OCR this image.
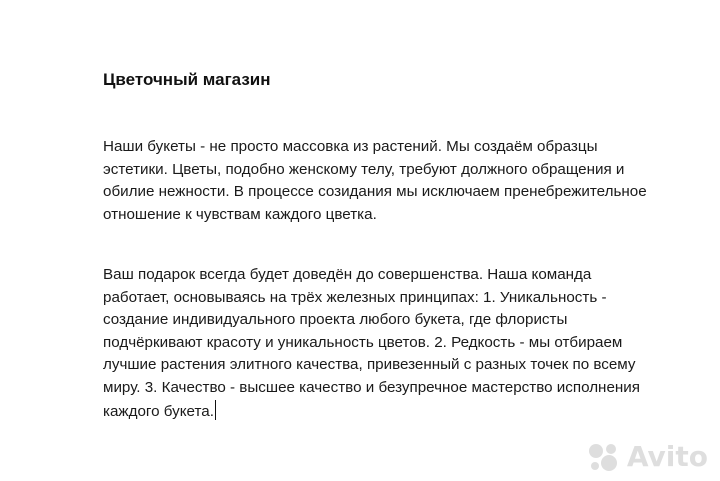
Цветочный магазин

Наши букеты - не просто массовка из растений. Мы создаём образцы
эстетики. Цветы, подобно женскому телу, требуют должного обращения и
обилие нежности. В процессе созидания мы исключаем пренебрежительное
отношение к чувствам каждого цветка.

Ваш подарок всегда будет доведён до совершенства. Наша команда
работает, основываясь на трёх железных принципах: 1. Уникальность -
создание индивидуального проекта любого букета, где флористы
подчёркивают красоту и уникальность цветов. 2. Редкость - мы отбираем
лучшие растения элитного качества, привезенный с разных точек по всему
миру. 3. Качество - высшее качество и безупречное мастерство исполнения
каждого букета.

Avito
